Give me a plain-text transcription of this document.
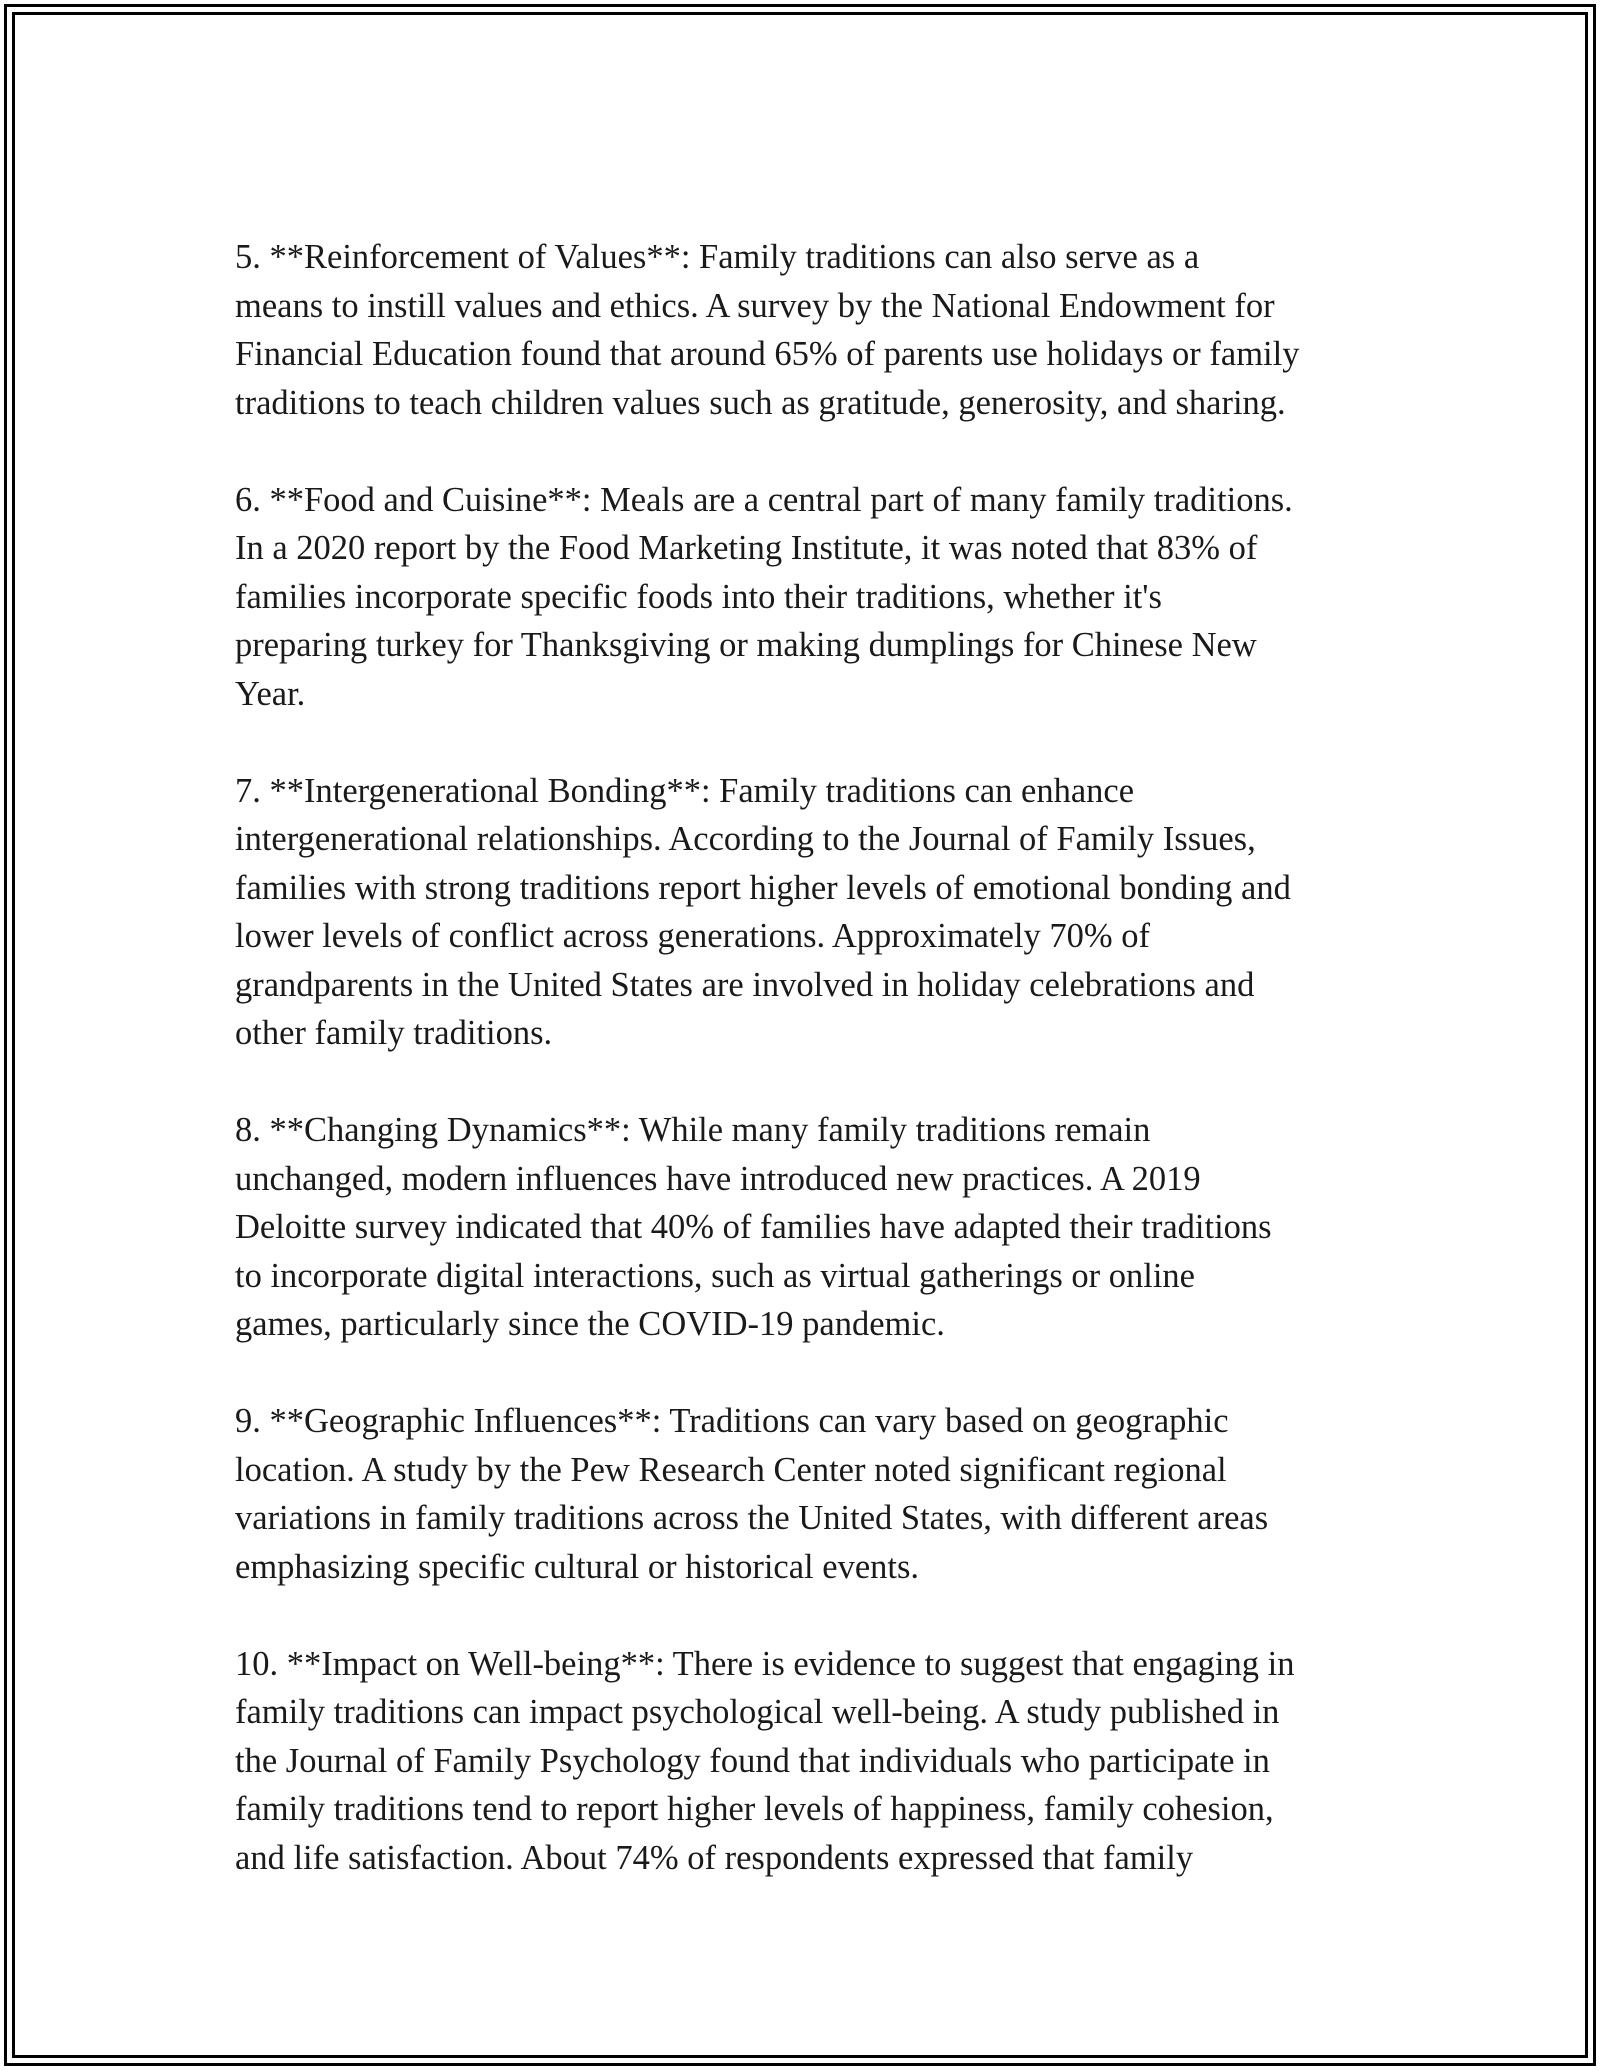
5. **Reinforcement of Values**: Family traditions can also serve as a
means to instill values and ethics. A survey by the National Endowment for
Financial Education found that around 65% of parents use holidays or family
traditions to teach children values such as gratitude, generosity, and sharing.

6. **Food and Cuisine**: Meals are a central part of many family traditions.
In a 2020 report by the Food Marketing Institute, it was noted that 83% of
families incorporate specific foods into their traditions, whether it's
preparing turkey for Thanksgiving or making dumplings for Chinese New
Year.

7. **Intergenerational Bonding**: Family traditions can enhance
intergenerational relationships. According to the Journal of Family Issues,
families with strong traditions report higher levels of emotional bonding and
lower levels of conflict across generations. Approximately 70% of
grandparents in the United States are involved in holiday celebrations and
other family traditions.

8. **Changing Dynamics**: While many family traditions remain
unchanged, modern influences have introduced new practices. A 2019
Deloitte survey indicated that 40% of families have adapted their traditions
to incorporate digital interactions, such as virtual gatherings or online
games, particularly since the COVID-19 pandemic.

9. **Geographic Influences**: Traditions can vary based on geographic
location. A study by the Pew Research Center noted significant regional
variations in family traditions across the United States, with different areas
emphasizing specific cultural or historical events.

10. **Impact on Well-being**: There is evidence to suggest that engaging in
family traditions can impact psychological well-being. A study published in
the Journal of Family Psychology found that individuals who participate in
family traditions tend to report higher levels of happiness, family cohesion,
and life satisfaction. About 74% of respondents expressed that family
